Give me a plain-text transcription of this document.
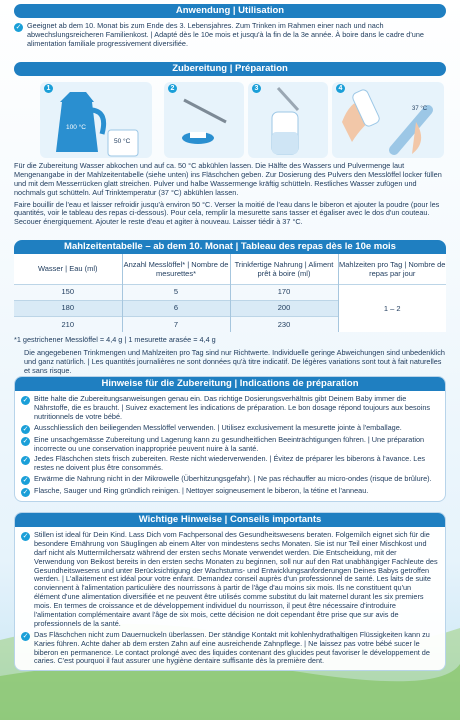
Anwendung | Utilisation
✓ Geeignet ab dem 10. Monat bis zum Ende des 3. Lebensjahres. Zum Trinken im Rahmen einer nach und nach abwechslungsreicheren Familienkost. | Adapté dès le 10e mois et jusqu'à la fin de la 3e année. À boire dans le cadre d'une alimentation familiale progressivement diversifiée.
Zubereitung | Préparation
100 °C
50 °C
37 °C
1	2	3	4

Für die Zubereitung Wasser abkochen und auf ca. 50 °C abkühlen lassen. Die Hälfte des Wassers und Pulvermenge laut Mengenangabe in der Mahlzeitentabelle (siehe unten) ins Fläschchen geben. Zur Dosierung des Pulvers den Messlöffel locker füllen und mit dem Messerrücken glatt streichen. Pulver und halbe Wassermenge kräftig schütteln. Restliches Wasser zufügen und nochmals gut schütteln. Auf Trinktemperatur (37 °C) abkühlen lassen.

Faire bouillir de l'eau et laisser refroidir jusqu'à environ 50 °C. Verser la moitié de l'eau dans le biberon et ajouter la poudre (pour les quantités, voir le tableau des repas ci-dessous). Pour cela, remplir la mesurette sans tasser et égaliser avec le dos d'un couteau. Secouer énergiquement. Ajouter le reste d'eau et agiter à nouveau. Laisser tiédir à 37 °C.

Mahlzeitentabelle – ab dem 10. Monat | Tableau des repas dès le 10e mois
Wasser | Eau (ml)	Anzahl Messlöffel* | Nombre de mesurettes*	Trinkfertige Nahrung | Aliment prêt à boire (ml)	Mahlzeiten pro Tag | Nombre de repas par jour
150	5	170	1 – 2
180	6	200	
210	7	230	
*1 gestrichener Messlöffel = 4,4 g | 1 mesurette arasée = 4,4 g
Die angegebenen Trinkmengen und Mahlzeiten pro Tag sind nur Richtwerte. Individuelle geringe Abweichungen sind unbedenklich und ganz natürlich. | Les quantités journalières ne sont données qu'à titre indicatif. De légères variations sont tout à fait naturelles et sans risque.
Hinweise für die Zubereitung | Indications de préparation
✓ Bitte halte die Zubereitungsanweisungen genau ein. Das richtige Dosierungsverhältnis gibt Deinem Baby immer die Nährstoffe, die es braucht. | Suivez exactement les indications de préparation. Le bon dosage répond toujours aux besoins nutritionnels de votre bébé.
✓ Ausschliesslich den beiliegenden Messlöffel verwenden. | Utilisez exclusivement la mesurette jointe à l'emballage.
✓ Eine unsachgemässe Zubereitung und Lagerung kann zu gesundheitlichen Beeinträchtigungen führen. | Une préparation incorrecte ou une conservation inappropriée peuvent nuire à la santé.
✓ Jedes Fläschchen stets frisch zubereiten. Reste nicht wiederverwenden. | Évitez de préparer les biberons à l'avance. Les restes ne doivent plus être consommés.
✓ Erwärme die Nahrung nicht in der Mikrowelle (Überhitzungsgefahr). | Ne pas réchauffer au micro-ondes (risque de brûlure).
✓ Flasche, Sauger und Ring gründlich reinigen. | Nettoyer soigneusement le biberon, la tétine et l'anneau.
Wichtige Hinweise | Conseils importants
✓ Stillen ist ideal für Dein Kind. Lass Dich vom Fachpersonal des Gesundheitswesens beraten. Folgemilch eignet sich für die besondere Ernährung von Säuglingen ab einem Alter von mindestens sechs Monaten. Sie ist nur Teil einer Mischkost und darf nicht als Muttermilchersatz während der ersten sechs Monate verwendet werden. Die Entscheidung, mit der Verwendung von Beikost bereits in den ersten sechs Monaten zu beginnen, soll nur auf den Rat unabhängiger Fachleute des Gesundheitswesens und unter Berücksichtigung der Wachstums- und Entwicklungsanforderungen Deines Babys getroffen werden. | L'allaitement est idéal pour votre enfant. Demandez conseil auprès d'un professionnel de santé. Les laits de suite conviennent à l'alimentation particulière des nourrissons à partir de l'âge d'au moins six mois. Ils ne constituent qu'un élément d'une alimentation diversifiée et ne peuvent être utilisés comme substitut du lait maternel durant les six premiers mois. En termes de croissance et de développement individuel du nourrisson, il peut être nécessaire d'introduire l'alimentation complémentaire avant l'âge de six mois, cette décision ne doit cependant être prise que sur avis de professionnels de la santé.
✓ Das Fläschchen nicht zum Dauernuckeln überlassen. Der ständige Kontakt mit kohlenhydrathaltigen Flüssigkeiten kann zu Karies führen. Achte daher ab dem ersten Zahn auf eine ausreichende Zahnpflege. | Ne laissez pas votre bébé sucer le biberon en permanence. Le contact prolongé avec des liquides contenant des glucides peut favoriser le développement de caries. C'est pourquoi il faut assurer une hygiène dentaire suffisante dès la première dent.
